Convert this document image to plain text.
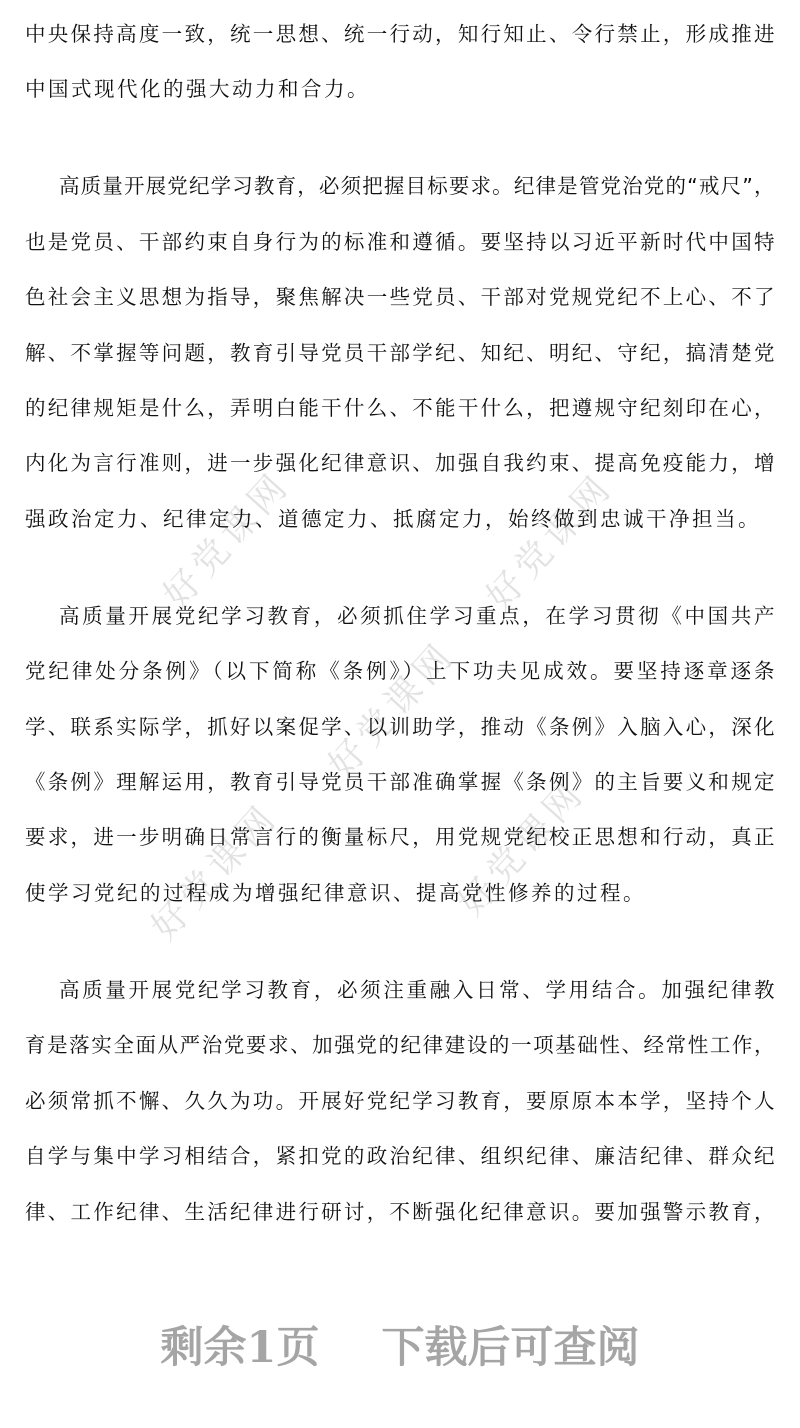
好党课网	好党课网
好党课网
好党课网	好党课网
中央保持高度一致，统一思想、统一行动，知行知止、令行禁止，形成推进
中国式现代化的强大动力和合力。
高质量开展党纪学习教育，必须把握目标要求。纪律是管党治党的“戒尺”，
也是党员、干部约束自身行为的标准和遵循。要坚持以习近平新时代中国特
色社会主义思想为指导，聚焦解决一些党员、干部对党规党纪不上心、不了
解、不掌握等问题，教育引导党员干部学纪、知纪、明纪、守纪，搞清楚党
的纪律规矩是什么，弄明白能干什么、不能干什么，把遵规守纪刻印在心，
内化为言行准则，进一步强化纪律意识、加强自我约束、提高免疫能力，增
强政治定力、纪律定力、道德定力、抵腐定力，始终做到忠诚干净担当。
高质量开展党纪学习教育，必须抓住学习重点，在学习贯彻《中国共产
党纪律处分条例》（以下简称《条例》）上下功夫见成效。要坚持逐章逐条
学、联系实际学，抓好以案促学、以训助学，推动《条例》入脑入心，深化
《条例》理解运用，教育引导党员干部准确掌握《条例》的主旨要义和规定
要求，进一步明确日常言行的衡量标尺，用党规党纪校正思想和行动，真正
使学习党纪的过程成为增强纪律意识、提高党性修养的过程。
高质量开展党纪学习教育，必须注重融入日常、学用结合。加强纪律教
育是落实全面从严治党要求、加强党的纪律建设的一项基础性、经常性工作，
必须常抓不懈、久久为功。开展好党纪学习教育，要原原本本学，坚持个人
自学与集中学习相结合，紧扣党的政治纪律、组织纪律、廉洁纪律、群众纪
律、工作纪律、生活纪律进行研讨，不断强化纪律意识。要加强警示教育，
剩余1页 下载后可查阅
